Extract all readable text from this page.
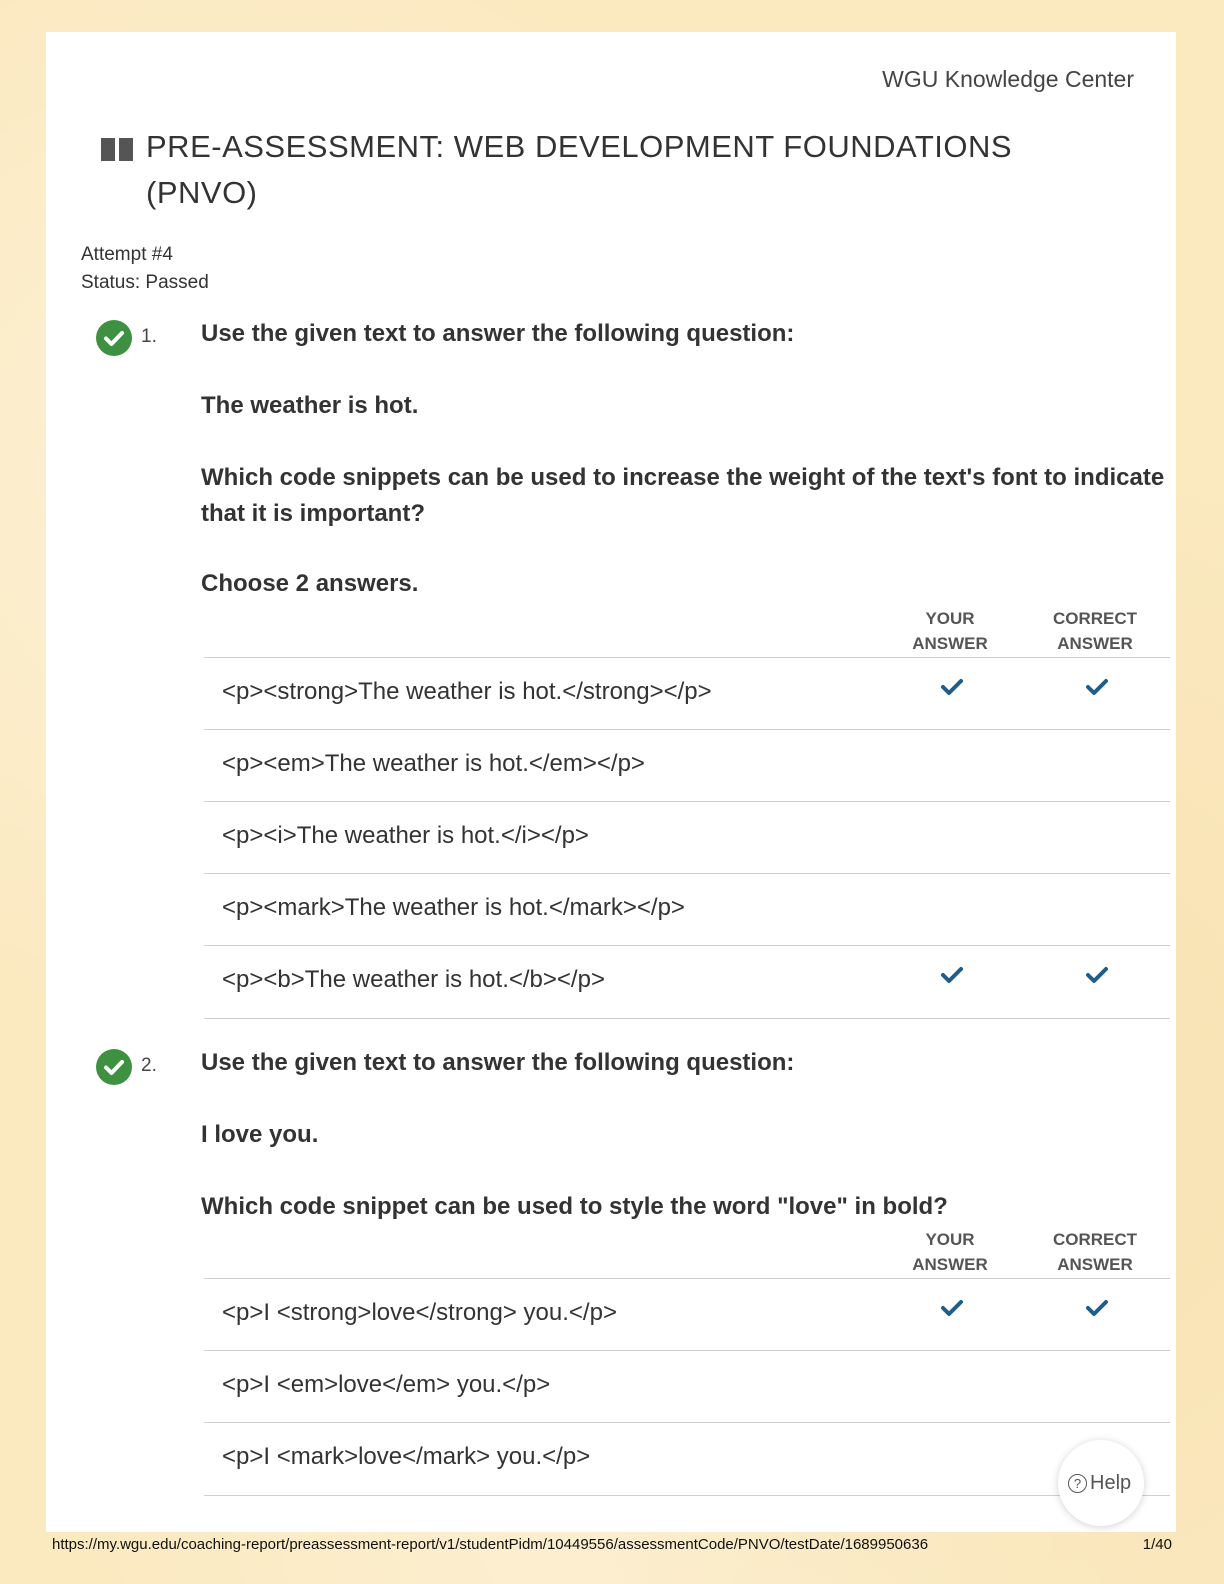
WGU Knowledge Center
PRE-ASSESSMENT: WEB DEVELOPMENT FOUNDATIONS
(PNVO)
Attempt #4
Status: Passed
1. Use the given text to answer the following question:

The weather is hot.

Which code snippets can be used to increase the weight of the text's font to indicate that it is important?

Choose 2 answers.

YOUR
ANSWER
CORRECT
ANSWER
<p><strong>The weather is hot.</strong></p>
<p><em>The weather is hot.</em></p>
<p><i>The weather is hot.</i></p>
<p><mark>The weather is hot.</mark></p>
<p><b>The weather is hot.</b></p>
2. Use the given text to answer the following question:

I love you.

Which code snippet can be used to style the word "love" in bold?

YOUR
ANSWER
CORRECT
ANSWER
<p>I <strong>love</strong> you.</p>
<p>I <em>love</em> you.</p>
<p>I <mark>love</mark> you.</p>
? Help
https://my.wgu.edu/coaching-report/preassessment-report/v1/studentPidm/10449556/assessmentCode/PNVO/testDate/1689950636	1/40
